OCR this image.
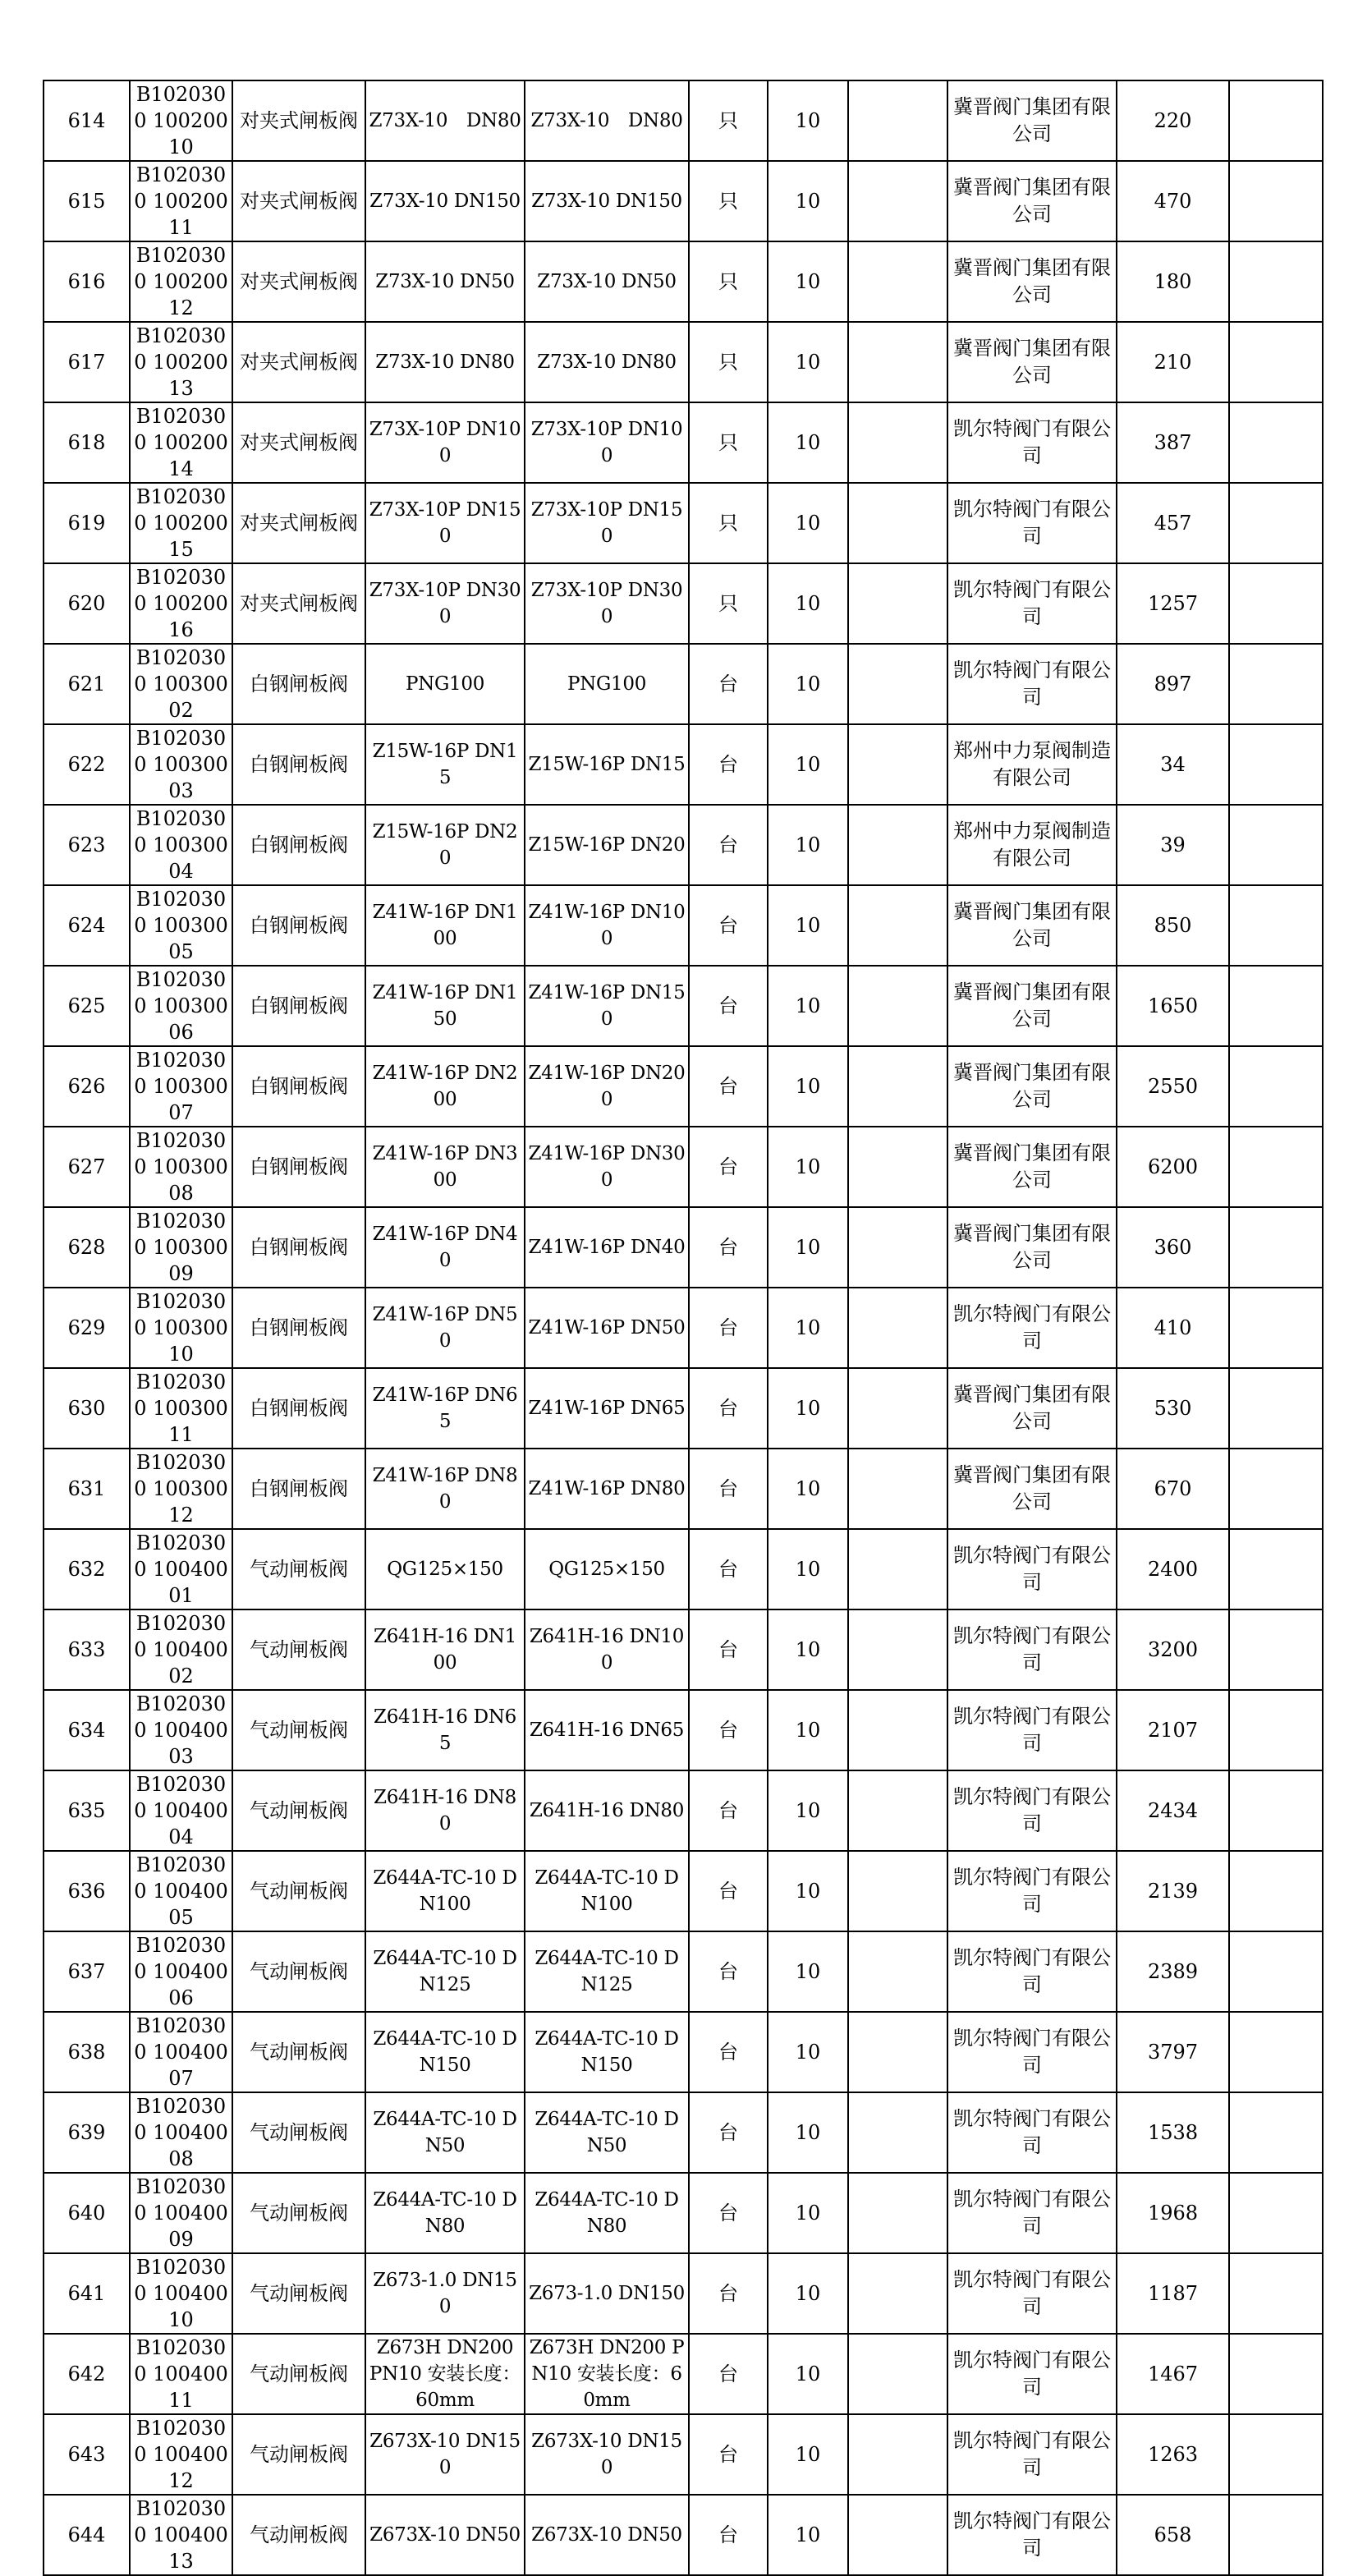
614	B1020300 10020010	对夹式闸板阀	Z73X-10　DN80	Z73X-10　DN80	只	10		冀晋阀门集团有限公司	220	
615	B1020300 10020011	对夹式闸板阀	Z73X-10 DN150	Z73X-10 DN150	只	10		冀晋阀门集团有限公司	470	
616	B1020300 10020012	对夹式闸板阀	Z73X-10 DN50	Z73X-10 DN50	只	10		冀晋阀门集团有限公司	180	
617	B1020300 10020013	对夹式闸板阀	Z73X-10 DN80	Z73X-10 DN80	只	10		冀晋阀门集团有限公司	210	
618	B1020300 10020014	对夹式闸板阀	Z73X-10P DN100	Z73X-10P DN100	只	10		凯尔特阀门有限公司	387	
619	B1020300 10020015	对夹式闸板阀	Z73X-10P DN150	Z73X-10P DN150	只	10		凯尔特阀门有限公司	457	
620	B1020300 10020016	对夹式闸板阀	Z73X-10P DN300	Z73X-10P DN300	只	10		凯尔特阀门有限公司	1257	
621	B1020300 10030002	白钢闸板阀	PNG100	PNG100	台	10		凯尔特阀门有限公司	897	
622	B1020300 10030003	白钢闸板阀	Z15W-16P DN15	Z15W-16P DN15	台	10		郑州中力泵阀制造有限公司	34	
623	B1020300 10030004	白钢闸板阀	Z15W-16P DN20	Z15W-16P DN20	台	10		郑州中力泵阀制造有限公司	39	
624	B1020300 10030005	白钢闸板阀	Z41W-16P DN100	Z41W-16P DN100	台	10		冀晋阀门集团有限公司	850	
625	B1020300 10030006	白钢闸板阀	Z41W-16P DN150	Z41W-16P DN150	台	10		冀晋阀门集团有限公司	1650	
626	B1020300 10030007	白钢闸板阀	Z41W-16P DN200	Z41W-16P DN200	台	10		冀晋阀门集团有限公司	2550	
627	B1020300 10030008	白钢闸板阀	Z41W-16P DN300	Z41W-16P DN300	台	10		冀晋阀门集团有限公司	6200	
628	B1020300 10030009	白钢闸板阀	Z41W-16P DN40	Z41W-16P DN40	台	10		冀晋阀门集团有限公司	360	
629	B1020300 10030010	白钢闸板阀	Z41W-16P DN50	Z41W-16P DN50	台	10		凯尔特阀门有限公司	410	
630	B1020300 10030011	白钢闸板阀	Z41W-16P DN65	Z41W-16P DN65	台	10		冀晋阀门集团有限公司	530	
631	B1020300 10030012	白钢闸板阀	Z41W-16P DN80	Z41W-16P DN80	台	10		冀晋阀门集团有限公司	670	
632	B1020300 10040001	气动闸板阀	QG125×150	QG125×150	台	10		凯尔特阀门有限公司	2400	
633	B1020300 10040002	气动闸板阀	Z641H-16 DN100	Z641H-16 DN100	台	10		凯尔特阀门有限公司	3200	
634	B1020300 10040003	气动闸板阀	Z641H-16 DN65	Z641H-16 DN65	台	10		凯尔特阀门有限公司	2107	
635	B1020300 10040004	气动闸板阀	Z641H-16 DN80	Z641H-16 DN80	台	10		凯尔特阀门有限公司	2434	
636	B1020300 10040005	气动闸板阀	Z644A-TC-10 DN100	Z644A-TC-10 DN100	台	10		凯尔特阀门有限公司	2139	
637	B1020300 10040006	气动闸板阀	Z644A-TC-10 DN125	Z644A-TC-10 DN125	台	10		凯尔特阀门有限公司	2389	
638	B1020300 10040007	气动闸板阀	Z644A-TC-10 DN150	Z644A-TC-10 DN150	台	10		凯尔特阀门有限公司	3797	
639	B1020300 10040008	气动闸板阀	Z644A-TC-10 DN50	Z644A-TC-10 DN50	台	10		凯尔特阀门有限公司	1538	
640	B1020300 10040009	气动闸板阀	Z644A-TC-10 DN80	Z644A-TC-10 DN80	台	10		凯尔特阀门有限公司	1968	
641	B1020300 10040010	气动闸板阀	Z673-1.0 DN150	Z673-1.0 DN150	台	10		凯尔特阀门有限公司	1187	
642	B1020300 10040011	气动闸板阀	Z673H DN200 PN10 安装长度：60mm	Z673H DN200 PN10 安装长度：60mm	台	10		凯尔特阀门有限公司	1467	
643	B1020300 10040012	气动闸板阀	Z673X-10 DN150	Z673X-10 DN150	台	10		凯尔特阀门有限公司	1263	
644	B1020300 10040013	气动闸板阀	Z673X-10 DN50	Z673X-10 DN50	台	10		凯尔特阀门有限公司	658	
